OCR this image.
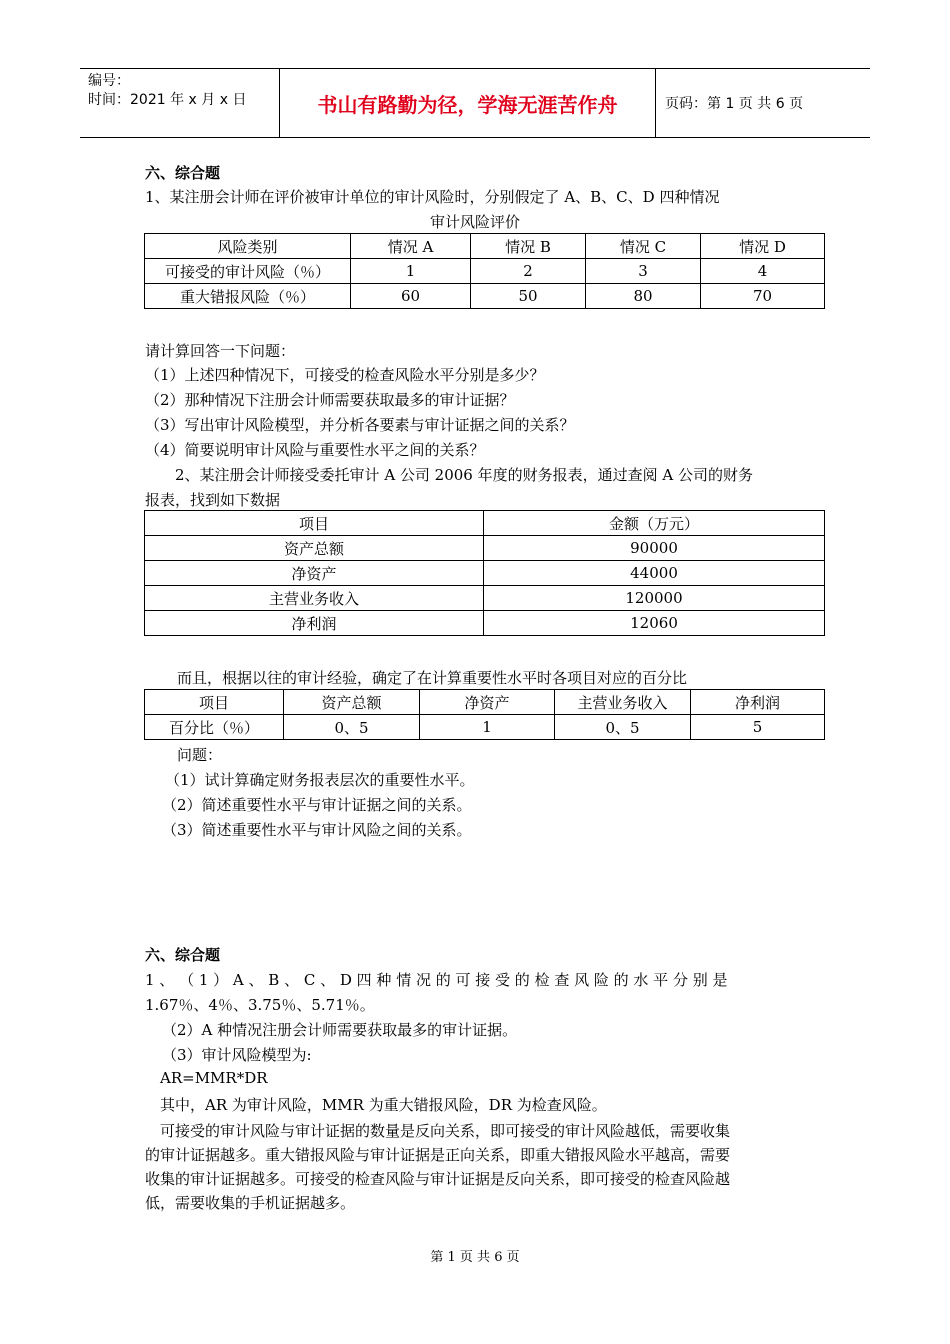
编号：
时间：2021 年 x 月 x 日	书山有路勤为径，学海无涯苦作舟	页码：第 1 页 共 6 页
六、综合题
1、某注册会计师在评价被审计单位的审计风险时，分别假定了 A、B、C、D 四种情况
审计风险评价
风险类别	情况 A	情况 B	情况 C	情况 D
可接受的审计风险（％）	1	2	3	4
重大错报风险（％）	60	50	80	70
请计算回答一下问题：
（1）上述四种情况下，可接受的检查风险水平分别是多少？
（2）那种情况下注册会计师需要获取最多的审计证据？
（3）写出审计风险模型，并分析各要素与审计证据之间的关系？
（4）简要说明审计风险与重要性水平之间的关系？
2、某注册会计师接受委托审计 A 公司 2006 年度的财务报表，通过查阅 A 公司的财务
报表，找到如下数据
项目	金额（万元）
资产总额	90000
净资产	44000
主营业务收入	120000
净利润	12060
而且，根据以往的审计经验，确定了在计算重要性水平时各项目对应的百分比
项目	资产总额	净资产	主营业务收入	净利润
百分比（％）	0、5	1	0、5	5
问题：
（1）试计算确定财务报表层次的重要性水平。
（2）简述重要性水平与审计证据之间的关系。
（3）简述重要性水平与审计风险之间的关系。
六、综合题
1 、 （ 1 ） A 、 B 、 C 、 D 四 种 情 况 的 可 接 受 的 检 查 风 险 的 水 平 分 别 是
1.67％、4％、3.75％、5.71％。
（2）A 种情况注册会计师需要获取最多的审计证据。
（3）审计风险模型为:
AR=MMR*DR
其中，AR 为审计风险，MMR 为重大错报风险，DR 为检查风险。
可接受的审计风险与审计证据的数量是反向关系，即可接受的审计风险越低，需要收集
的审计证据越多。重大错报风险与审计证据是正向关系，即重大错报风险水平越高，需要
收集的审计证据越多。可接受的检查风险与审计证据是反向关系，即可接受的检查风险越
低，需要收集的手机证据越多。
第 1 页 共 6 页
